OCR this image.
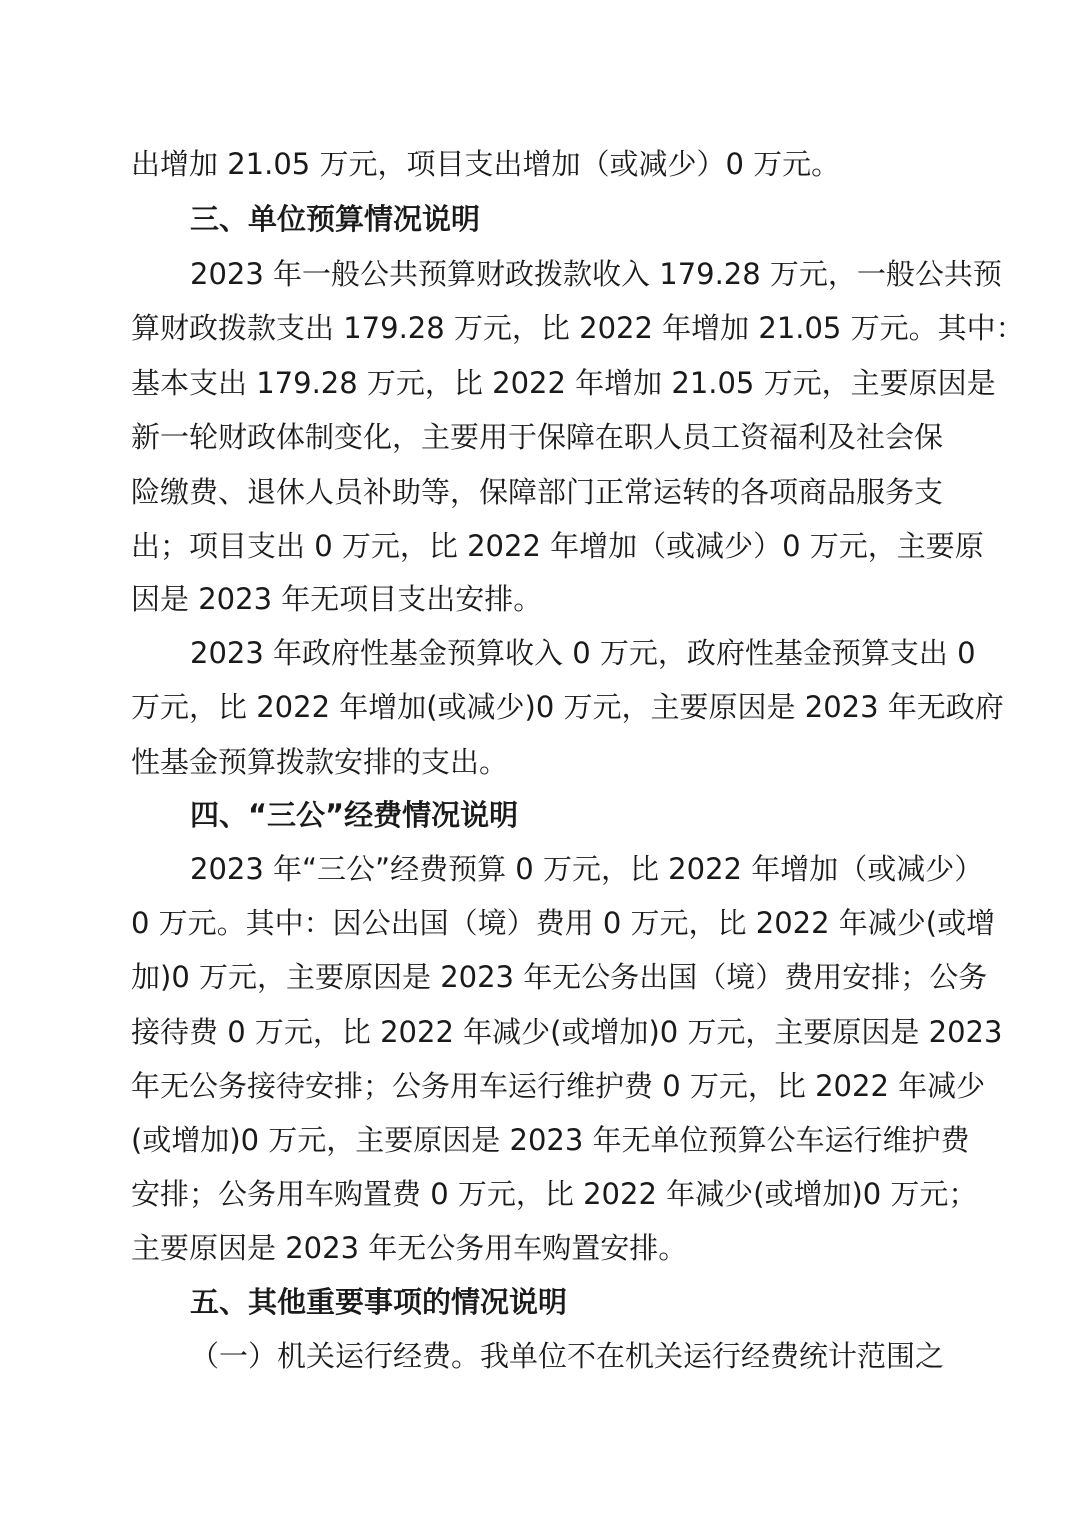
出增加 21.05 万元，项目支出增加（或减少）0 万元。
三、单位预算情况说明
2023 年一般公共预算财政拨款收入 179.28 万元，一般公共预
算财政拨款支出 179.28 万元，比 2022 年增加 21.05 万元。其中：
基本支出 179.28 万元，比 2022 年增加 21.05 万元，主要原因是
新一轮财政体制变化，主要用于保障在职人员工资福利及社会保
险缴费、退休人员补助等，保障部门正常运转的各项商品服务支
出；项目支出 0 万元，比 2022 年增加（或减少）0 万元，主要原
因是 2023 年无项目支出安排。
2023 年政府性基金预算收入 0 万元，政府性基金预算支出 0
万元，比 2022 年增加(或减少)0 万元，主要原因是 2023 年无政府
性基金预算拨款安排的支出。
四、“三公”经费情况说明
2023 年“三公”经费预算 0 万元，比 2022 年增加（或减少）
0 万元。其中：因公出国（境）费用 0 万元，比 2022 年减少(或增
加)0 万元，主要原因是 2023 年无公务出国（境）费用安排；公务
接待费 0 万元，比 2022 年减少(或增加)0 万元，主要原因是 2023
年无公务接待安排；公务用车运行维护费 0 万元，比 2022 年减少
(或增加)0 万元，主要原因是 2023 年无单位预算公车运行维护费
安排；公务用车购置费 0 万元，比 2022 年减少(或增加)0 万元；
主要原因是 2023 年无公务用车购置安排。
五、其他重要事项的情况说明
（一）机关运行经费。我单位不在机关运行经费统计范围之
